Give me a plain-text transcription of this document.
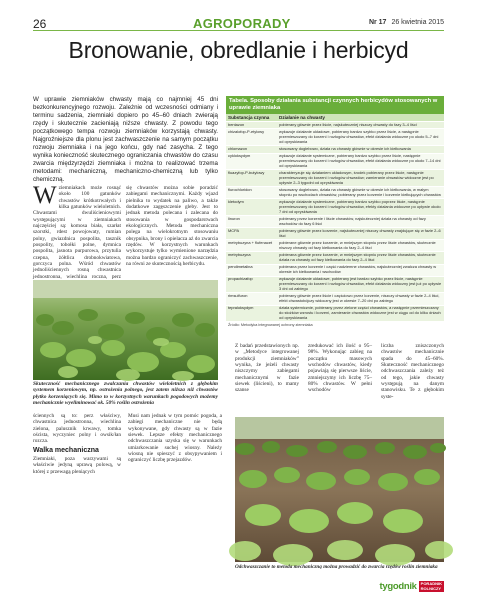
26	AGROPORADY	Nr 17 26 kwietnia 2015
Bronowanie, obredlanie i herbicyd

W uprawie ziemniaków chwasty mają co najmniej 45 dni bezkonkurencyjnego rozwoju. Zależnie od wczesności odmiany i terminu sadzenia, ziemniaki dopiero po 45–60 dniach zwierają rzędy i skutecznie zacieniają niższe chwasty. Z powodu tego początkowego tempa rozwoju ziemniaków korzystają chwasty. Najgroźniejsze dla plonu jest zachwaszczenie na samym początku rozwoju ziemniaka i na jego końcu, gdy nać zasycha. Z tego wynika konieczność skutecznego ograniczania chwastów do czasu zwarcia międzyrzędzi ziemniaka i można to realizować trzema metodami: mechaniczną, mechaniczno-chemiczną lub tylko chemiczną.

Wziemniakach może rosnąć około 100 gatunków chwastów krótkotrwałych i kilka gatunków wieloletnich. Chwastami dwuliścieniowymi występującymi w ziemniakach najczęściej są: komosa biała, szarłat szorstki, rdest powojowaty, rumian polny, gwiazdnica pospolita, tasznik pospolity, tobołki polne, dymnica pospolita, jasnota purpurowa, przytulia czepna, żółtlica drobnokwiatowa, gorczyca polna. Wśród chwastów jednoliściennych rosną chwastnica jednostronna, wiechlina roczna, perz

się chwastów można sobie poradzić zabiegami mechanicznymi. Każdy wjazd pielnika to wydatek na paliwo, a także dodatkowe zagęszczenie gleby. Jest to jednak metoda polecana i zalecana do stosowania w gospodarstwach ekologicznych. Metoda mechaniczna polega na wielokrotnym stosowaniu obsypnika, brony i opielacza aż do zwarcia rzędów. W korzystnych warunkach wykorzystuje tylko wymienione narzędzia można bardzo ograniczyć zachwaszczenie, na równi ze skutecznością herbicydu.

Tabela. Sposoby działania substancji czynnych herbicydów stosowanych w uprawie ziemniaka
Substancja czynna	Działanie na chwasty
bentazon	pobierany głównie przez liście, najskuteczniej niszczy chwasty do fazy 3–4 liści
chizalofop-P-etylowy	wykazuje działanie układowe, pobierany bardzo szybko przez liście, a następnie przemieszczany do korzeni i rozłogów chwastów, efekt działania widoczne po około 5–7 dni od opryskiwania
chlomazon	stosowany doglebowo, działa na chwasty głównie w okresie ich kiełkowania
cykloksydym	wykazuje działanie systemiczne, pobierany bardzo szybko przez liście, następnie przemieszczany do korzeni i rozłogów chwastów, efekt działania widoczne po około 7–14 dni od opryskiwania
fluazyfop-P-butylowy	charakteryzuje się działaniem układowym, środek pobierany przez liście, następnie przemieszczany do korzeni i rozłogów chwastów; zamieranie chwastów widoczne jest po upływie 2–3 tygodni od opryskiwania
flurochloridon	stosowany doglebowo, działa na chwasty głównie w okresie ich kiełkowania, w małym stopniu po wschodach chwastów, pobierany przez korzenie i korzenie kiełkujących chwastów
kletodym	wykazuje działanie systemiczne, pobierany bardzo szybko poprzez liście, następnie przemieszczany do korzeni i rozłogów chwastów, efekty działania widoczne po upływie około 7 dni od opryskiwania
linuron	pobierany przez korzenie i liście chwastów, najskuteczniej działa na chwasty od fazy wschodów do fazy 6 liści
MCPA	pobierany głównie przez korzenie, najskuteczniej niszczy chwasty znajdujące się w fazie 2–6 liści
metrybuzyna + flufenacet	pobierane głównie przez korzenie, w mniejszym stopniu przez liście chwastów, skutecznie niszczy chwasty od fazy kiełkowania do fazy 2–4 liści
metrybuzyna	pobierana głównie przez korzenie, w mniejszym stopniu przez liście chwastów, skutecznie działa na chwasty od fazy kiełkowania do fazy 2–4 liści
pendimetalina	pobierana przez korzenie i część nadziemne chwastów, najskuteczniej zwalcza chwasty w okresie ich kiełkowania i wschodów
propachizafop	wykazuje działanie układowe, pobierany jest bardzo szybko przez liście, następnie przemieszczany do korzeni i rozłogów chwastów, efekt działania widoczny jest już po upływie 3 dni od zabiegu
rimsulfuron	pobierany głównie przez liście i częściowo przez korzenie, niszczy chwasty w fazie 2–4 liści, efekt chwastobójczy widoczny jest w okresie 7–20 dni po zabiegu
tepraloksydym	działa systemicznie, pobierany przez zielone części chwastów, a następnie przemieszczany do stożków wzrostu i korzeni, zamieranie chwastów widoczne jest w ciągu od do kilku dniach od opryskiwania
Źródło: Metodyka integrowanej ochrony ziemniaka

Skuteczność mechanicznego zwalczania chwastów wieloletnich z głębokim systemem korzeniowym, np. ostrożenia polnego, jest zatem niższa niż chwastów płytko korzeniących się. Mimo to w korzystnych warunkach pogodowych możemy mechanicznie wyeliminować ok. 50% roślin ostrożenia

Z badań przedstawionych np. w „Metodyce integrowanej produkcji ziemniaków” wynika, że jeżeli chwasty niszczymy zabiegami mechanicznymi w fazie siewek (liścieni), to mamy szanse

zredukować ich ilość o 95–98%. Wykonując zabieg na początku masowych wschodów chwastów, kiedy pojawiają się pierwsze liście, zmniejszymy ich liczbę 75–80% chwastów. W pełni wschodów

liczba zniszczonych chwastów mechanicznie spada do 45–60%. Skuteczność mechanicznego odchwaszczania zależy też od tego, jakie chwasty występują na danym stanowisku. Te z głębokim syste-

ściennych są to: perz właściwy, chwastnica jednostronna, wiechlina zielona, palusznik krwawy, tomka oścista, wyczyniec polny i owsik/łan rozcza.
Walka mechaniczna
Ziemniaki, poza warzywami są właściwie jedyną uprawą polową, w której z przewagą pleniących

Musi nam jednak w tym pomóc pogoda, a zabiegi mechaniczne nie będą wykonywane, gdy chwasty są w fazie siewek. Lepsze efekty mechanicznego odchwaszczania uzyska się w warunkach umiarkowanie suchej wiosny. Należy wiosną nie spieszyć z obsypywaniem i ograniczyć liczbę przejazdów.

Odchwaszczanie to metoda mechaniczną można prowadzić do zwarcia rzędów roślin ziemniaka

tygodnik PORADNIK
ROLNICZY
